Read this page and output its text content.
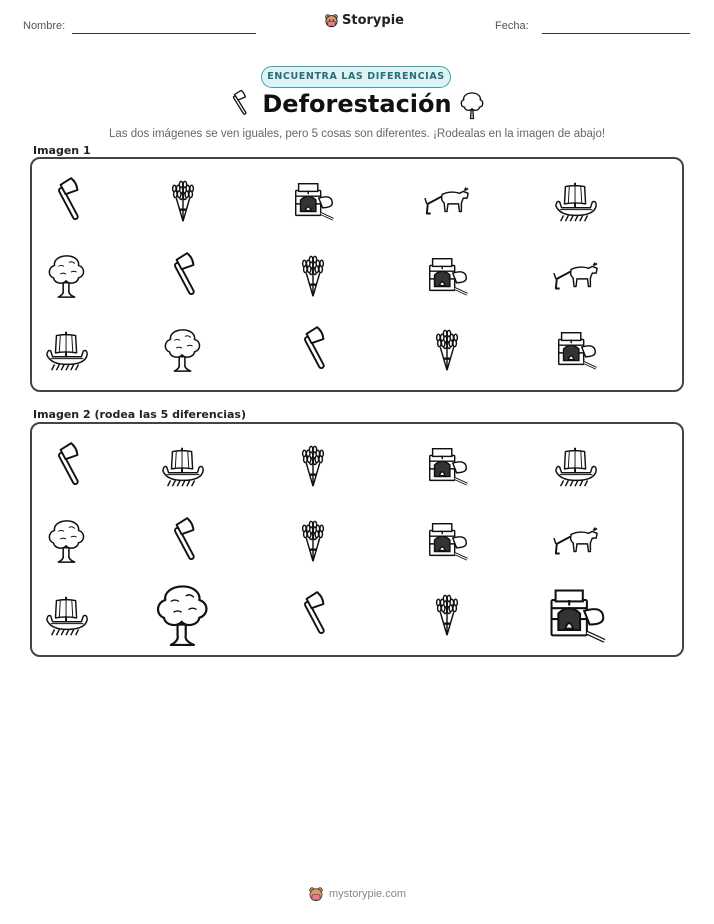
Nombre:	Storypie	Fecha:
ENCUENTRA LAS DIFERENCIAS
Deforestación
Las dos imágenes se ven iguales, pero 5 cosas son diferentes. ¡Rodealas en la imagen de abajo!
Imagen 1
Imagen 2 (rodea las 5 diferencias)
mystorypie.com
